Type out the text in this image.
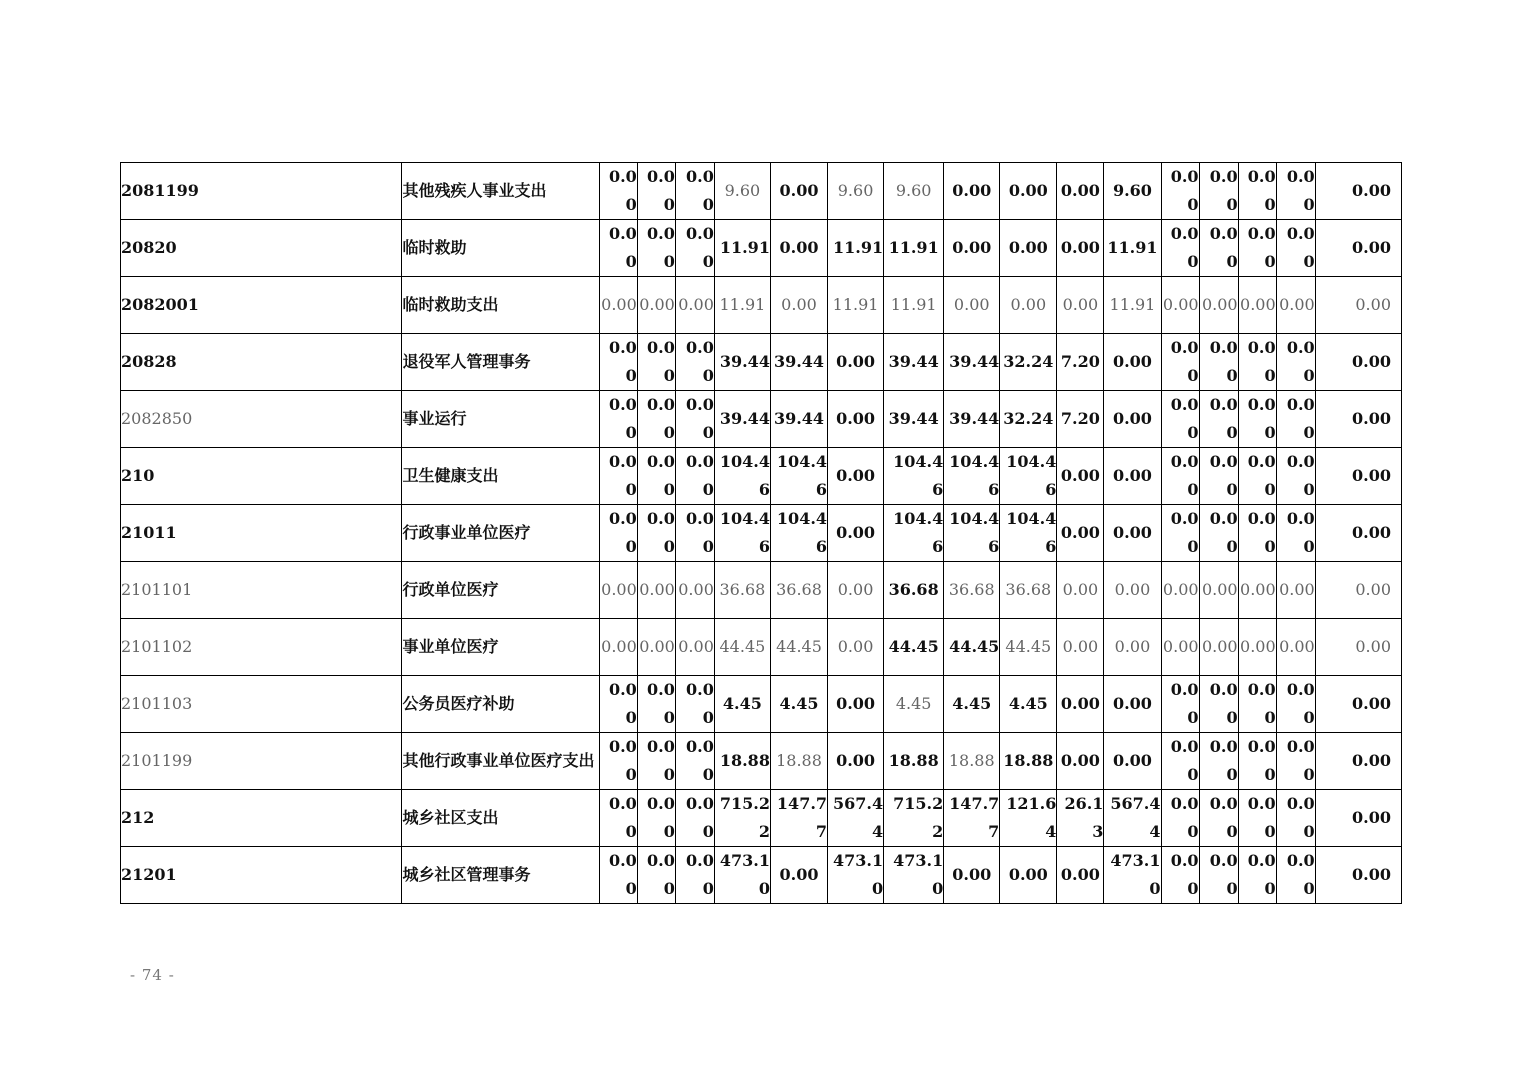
2081199	其他残疾人事业支出	0.00	0.00	0.00	9.60	0.00	9.60	9.60	0.00	0.00	0.00	9.60	0.00	0.00	0.00	0.00	0.00
20820	临时救助	0.00	0.00	0.00	11.91	0.00	11.91	11.91	0.00	0.00	0.00	11.91	0.00	0.00	0.00	0.00	0.00
2082001	临时救助支出	0.00	0.00	0.00	11.91	0.00	11.91	11.91	0.00	0.00	0.00	11.91	0.00	0.00	0.00	0.00	0.00
20828	退役军人管理事务	0.00	0.00	0.00	39.44	39.44	0.00	39.44	39.44	32.24	7.20	0.00	0.00	0.00	0.00	0.00	0.00
2082850	事业运行	0.00	0.00	0.00	39.44	39.44	0.00	39.44	39.44	32.24	7.20	0.00	0.00	0.00	0.00	0.00	0.00
210	卫生健康支出	0.00	0.00	0.00	104.46	104.46	0.00	104.46	104.46	104.46	0.00	0.00	0.00	0.00	0.00	0.00	0.00
21011	行政事业单位医疗	0.00	0.00	0.00	104.46	104.46	0.00	104.46	104.46	104.46	0.00	0.00	0.00	0.00	0.00	0.00	0.00
2101101	行政单位医疗	0.00	0.00	0.00	36.68	36.68	0.00	36.68	36.68	36.68	0.00	0.00	0.00	0.00	0.00	0.00	0.00
2101102	事业单位医疗	0.00	0.00	0.00	44.45	44.45	0.00	44.45	44.45	44.45	0.00	0.00	0.00	0.00	0.00	0.00	0.00
2101103	公务员医疗补助	0.00	0.00	0.00	4.45	4.45	0.00	4.45	4.45	4.45	0.00	0.00	0.00	0.00	0.00	0.00	0.00
2101199	其他行政事业单位医疗支出	0.00	0.00	0.00	18.88	18.88	0.00	18.88	18.88	18.88	0.00	0.00	0.00	0.00	0.00	0.00	0.00
212	城乡社区支出	0.00	0.00	0.00	715.22	147.77	567.44	715.22	147.77	121.64	26.13	567.44	0.00	0.00	0.00	0.00	0.00
21201	城乡社区管理事务	0.00	0.00	0.00	473.10	0.00	473.10	473.10	0.00	0.00	0.00	473.10	0.00	0.00	0.00	0.00	0.00
- 74 -
